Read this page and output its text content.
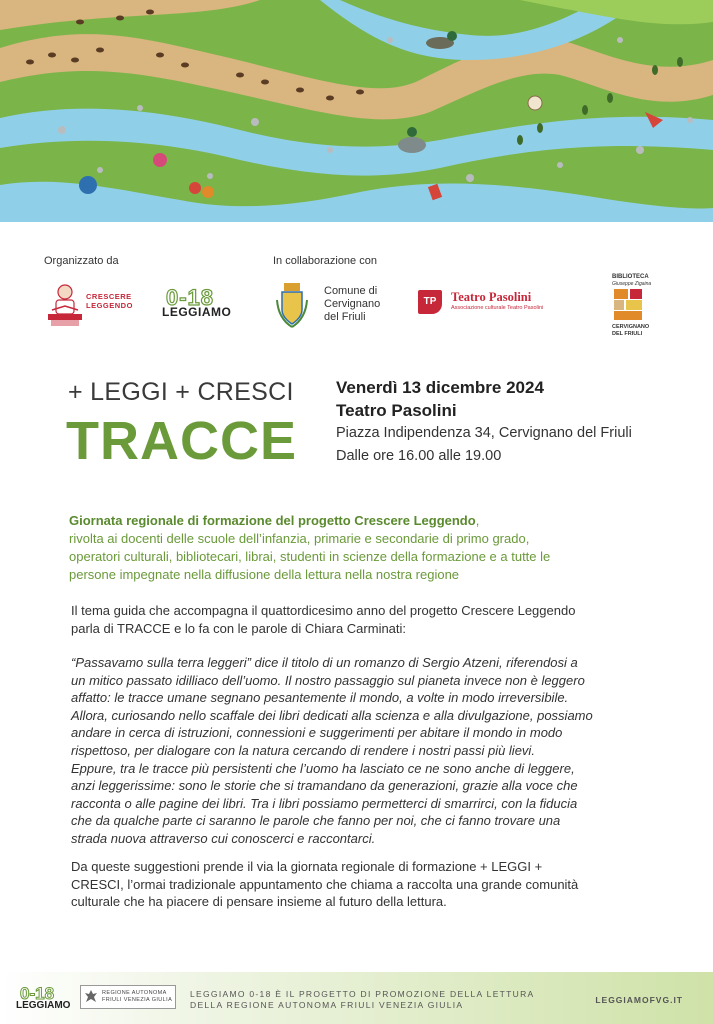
Organizzato da	In collaborazione con
CRESCERE
LEGGENDO 0-18
LEGGIAMO
Comune di
Cervignano
del Friuli
TP	Teatro Pasolini
Associazione culturale Teatro Pasolini
BIBLIOTECA
Giuseppe Zigaina
CERVIGNANO
DEL FRIULI
+ LEGGI + CRESCI
TRACCE
Venerdì 13 dicembre 2024
Teatro Pasolini
Piazza Indipendenza 34, Cervignano del Friuli
Dalle ore 16.00 alle 19.00
Giornata regionale di formazione del progetto Crescere Leggendo,
rivolta ai docenti delle scuole dell’infanzia, primarie e secondarie di primo grado,
operatori culturali, bibliotecari, librai, studenti in scienze della formazione e a tutte le
persone impegnate nella diffusione della lettura nella nostra regione
Il tema guida che accompagna il quattordicesimo anno del progetto Crescere Leggendo
parla di TRACCE e lo fa con le parole di Chiara Carminati:
“Passavamo sulla terra leggeri” dice il titolo di un romanzo di Sergio Atzeni, riferendosi a
un mitico passato idilliaco dell’uomo. Il nostro passaggio sul pianeta invece non è leggero
affatto: le tracce umane segnano pesantemente il mondo, a volte in modo irreversibile.
Allora, curiosando nello scaffale dei libri dedicati alla scienza e alla divulgazione, possiamo
andare in cerca di istruzioni, connessioni e suggerimenti per abitare il mondo in modo
rispettoso, per dialogare con la natura cercando di rendere i nostri passi più lievi.
Eppure, tra le tracce più persistenti che l’uomo ha lasciato ce ne sono anche di leggere,
anzi leggerissime: sono le storie che si tramandano da generazioni, grazie alla voce che
racconta o alle pagine dei libri. Tra i libri possiamo permetterci di smarrirci, con la fiducia
che da qualche parte ci saranno le parole che fanno per noi, che ci fanno trovare una
strada nuova attraverso cui conoscerci e raccontarci.
Da queste suggestioni prende il via la giornata regionale di formazione + LEGGI +
CRESCI, l’ormai tradizionale appuntamento che chiama a raccolta una grande comunità
culturale che ha piacere di pensare insieme al futuro della lettura.
0-18
LEGGIAMO
REGIONE AUTONOMA
FRIULI VENEZIA GIULIA
LEGGIAMO 0-18 È IL PROGETTO DI PROMOZIONE DELLA LETTURA
DELLA REGIONE AUTONOMA FRIULI VENEZIA GIULIA	LEGGIAMOFVG.IT
